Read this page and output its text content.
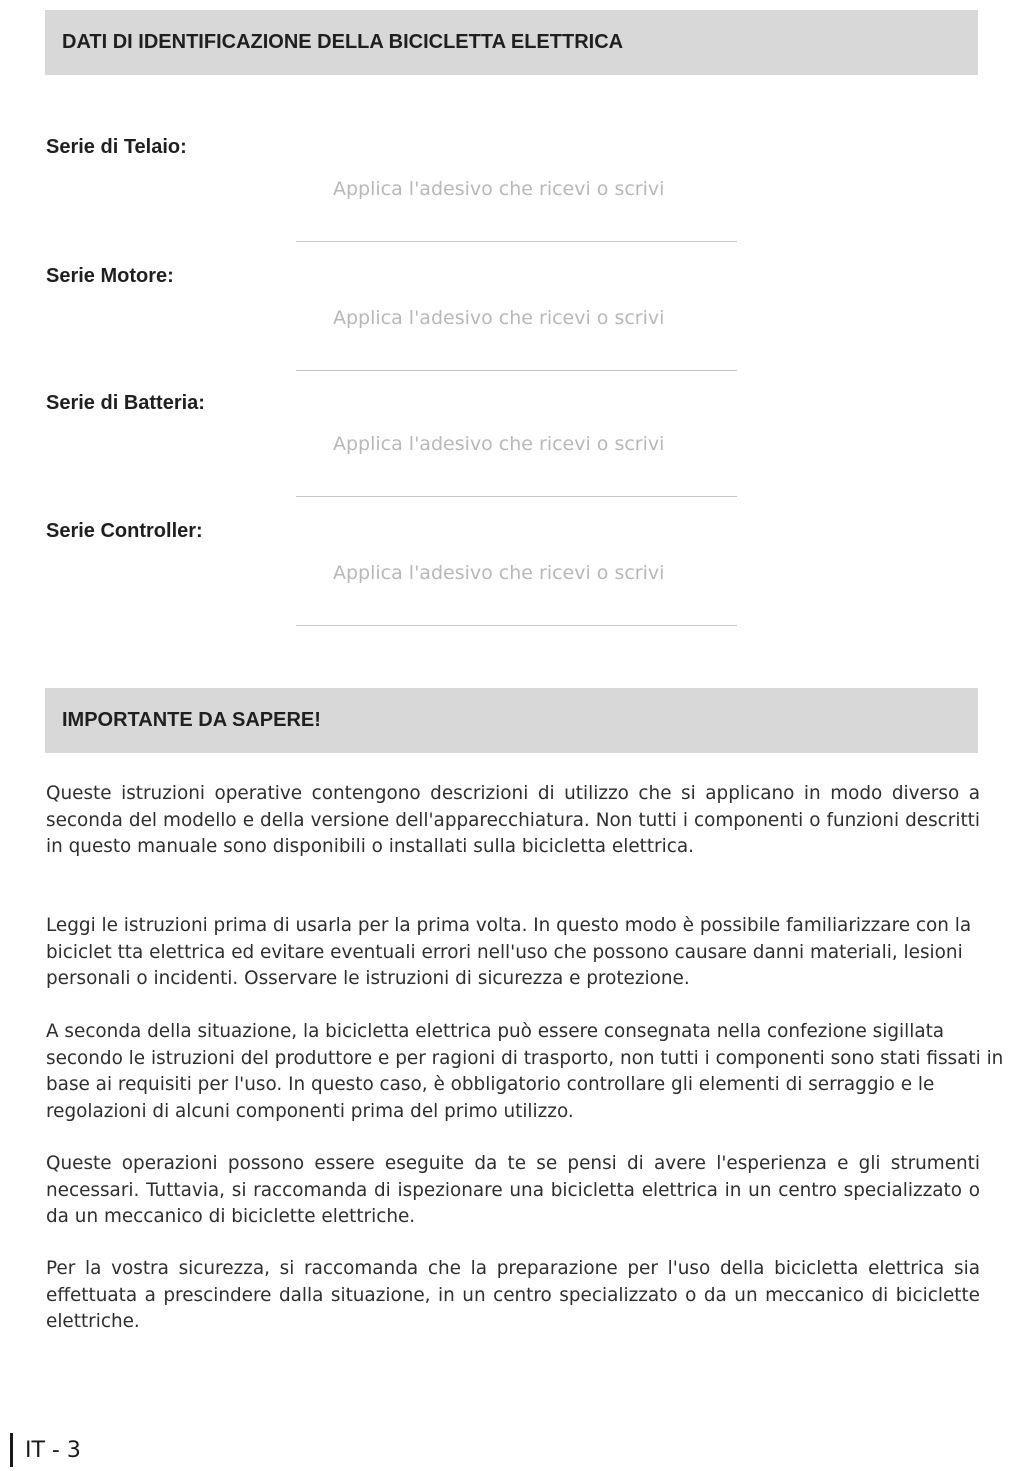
DATI DI IDENTIFICAZIONE DELLA BICICLETTA ELETTRICA
Serie di Telaio:
Applica l'adesivo che ricevi o scrivi
Serie Motore:
Applica l'adesivo che ricevi o scrivi
Serie di Batteria:
Applica l'adesivo che ricevi o scrivi
Serie Controller:
Applica l'adesivo che ricevi o scrivi
IMPORTANTE DA SAPERE!

Queste istruzioni operative contengono descrizioni di utilizzo che si applicano in modo diverso a seconda del modello e della versione dell'apparecchiatura. Non tutti i componenti o funzioni descritti in questo manuale sono disponibili o installati sulla bicicletta elettrica.

Leggi le istruzioni prima di usarla per la prima volta. In questo modo è possibile familiarizzare con la biciclet tta elettrica ed evitare eventuali errori nell'uso che possono causare danni materiali, lesioni personali o incidenti. Osservare le istruzioni di sicurezza e protezione.

A seconda della situazione, la bicicletta elettrica può essere consegnata nella confezione sigillata secondo le istruzioni del produttore e per ragioni di trasporto, non tutti i componenti sono stati fissati in base ai requisiti per l'uso. In questo caso, è obbligatorio controllare gli elementi di serraggio e le regolazioni di alcuni componenti prima del primo utilizzo.

Queste operazioni possono essere eseguite da te se pensi di avere l'esperienza e gli strumenti necessari. Tuttavia, si raccomanda di ispezionare una bicicletta elettrica in un centro specializzato o da un meccanico di biciclette elettriche.

Per la vostra sicurezza, si raccomanda che la preparazione per l'uso della bicicletta elettrica sia effettuata a prescindere dalla situazione, in un centro specializzato o da un meccanico di biciclette elettriche.

IT - 3
